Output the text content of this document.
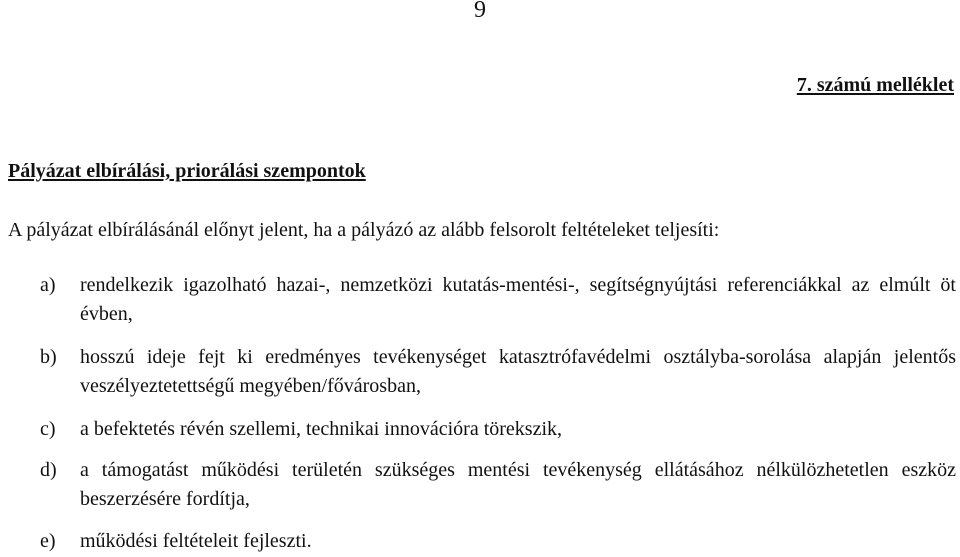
9
7. számú melléklet
Pályázat elbírálási, priorálási szempontok
A pályázat elbírálásánál előnyt jelent, ha a pályázó az alább felsorolt feltételeket teljesíti:
a) rendelkezik igazolható hazai-, nemzetközi kutatás-mentési-, segítségnyújtási referenciákkal az elmúlt öt évben,
b) hosszú ideje fejt ki eredményes tevékenységet katasztrófavédelmi osztályba-sorolása alapján jelentős veszélyeztetettségű megyében/fővárosban,
c) a befektetés révén szellemi, technikai innovációra törekszik,
d) a támogatást működési területén szükséges mentési tevékenység ellátásához nélkülözhetetlen eszköz beszerzésére fordítja,
e) működési feltételeit fejleszti.
